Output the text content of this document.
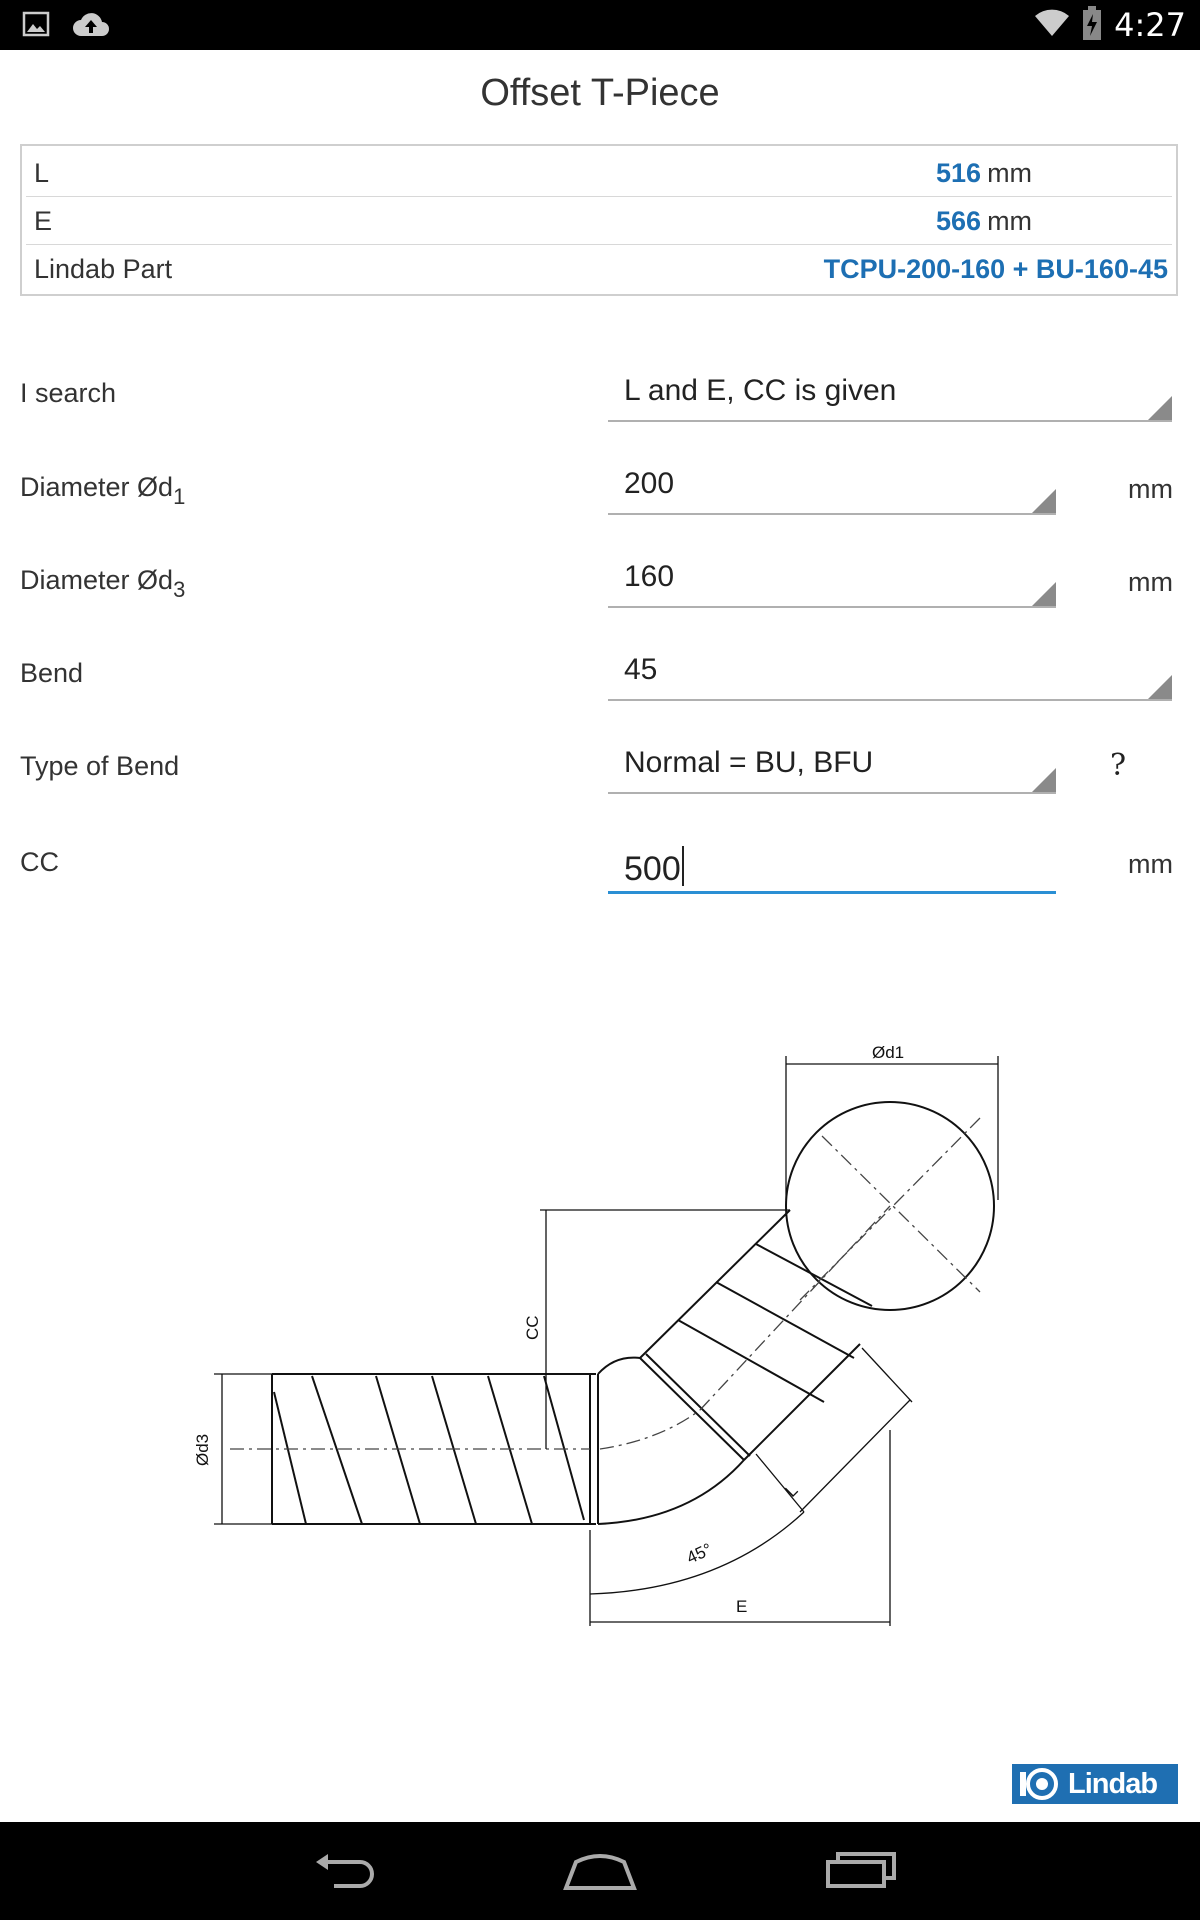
4:27
Offset T-Piece
L	516 mm
E	566 mm
Lindab Part	TCPU-200-160 + BU-160-45
I search	L and E, CC is given
Diameter $Ød_1$	200	mm
Diameter $Ød_3$	160	mm
Bend	45
Type of Bend	Normal = BU, BFU	?
CC	500	mm
Ød1
Ød3
CC
E
L
45°
Lindab
